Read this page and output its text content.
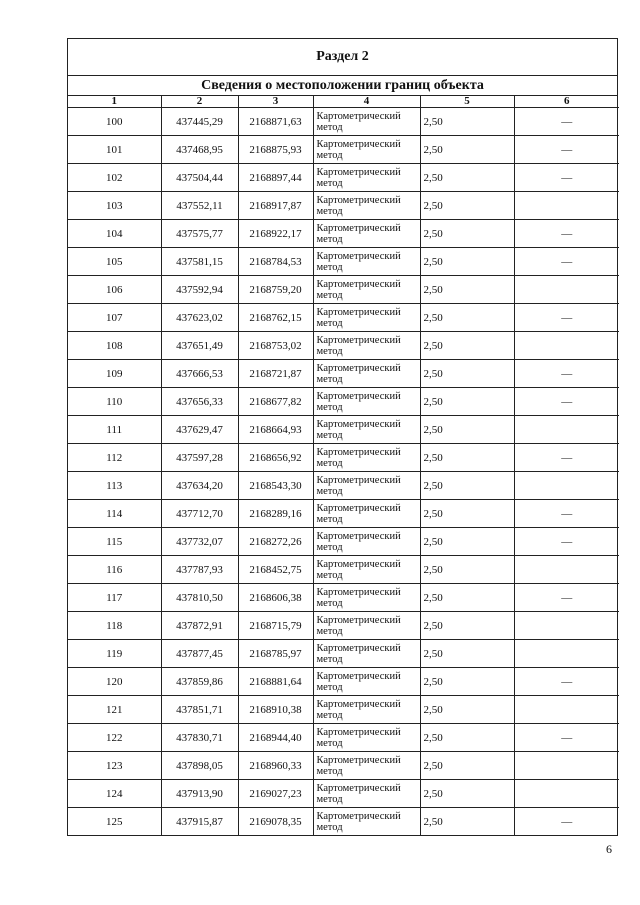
Раздел 2
Сведения о местоположении границ объекта
1	2	3	4	5	6
100	437445,29	2168871,63	Картометрический метод	2,50	—
101	437468,95	2168875,93	Картометрический метод	2,50	—
102	437504,44	2168897,44	Картометрический метод	2,50	—
103	437552,11	2168917,87	Картометрический метод	2,50	
104	437575,77	2168922,17	Картометрический метод	2,50	—
105	437581,15	2168784,53	Картометрический метод	2,50	—
106	437592,94	2168759,20	Картометрический метод	2,50	
107	437623,02	2168762,15	Картометрический метод	2,50	—
108	437651,49	2168753,02	Картометрический метод	2,50	
109	437666,53	2168721,87	Картометрический метод	2,50	—
110	437656,33	2168677,82	Картометрический метод	2,50	—
111	437629,47	2168664,93	Картометрический метод	2,50	
112	437597,28	2168656,92	Картометрический метод	2,50	—
113	437634,20	2168543,30	Картометрический метод	2,50	
114	437712,70	2168289,16	Картометрический метод	2,50	—
115	437732,07	2168272,26	Картометрический метод	2,50	—
116	437787,93	2168452,75	Картометрический метод	2,50	
117	437810,50	2168606,38	Картометрический метод	2,50	—
118	437872,91	2168715,79	Картометрический метод	2,50	
119	437877,45	2168785,97	Картометрический метод	2,50	
120	437859,86	2168881,64	Картометрический метод	2,50	—
121	437851,71	2168910,38	Картометрический метод	2,50	
122	437830,71	2168944,40	Картометрический метод	2,50	—
123	437898,05	2168960,33	Картометрический метод	2,50	
124	437913,90	2169027,23	Картометрический метод	2,50	
125	437915,87	2169078,35	Картометрический метод	2,50	—
6
